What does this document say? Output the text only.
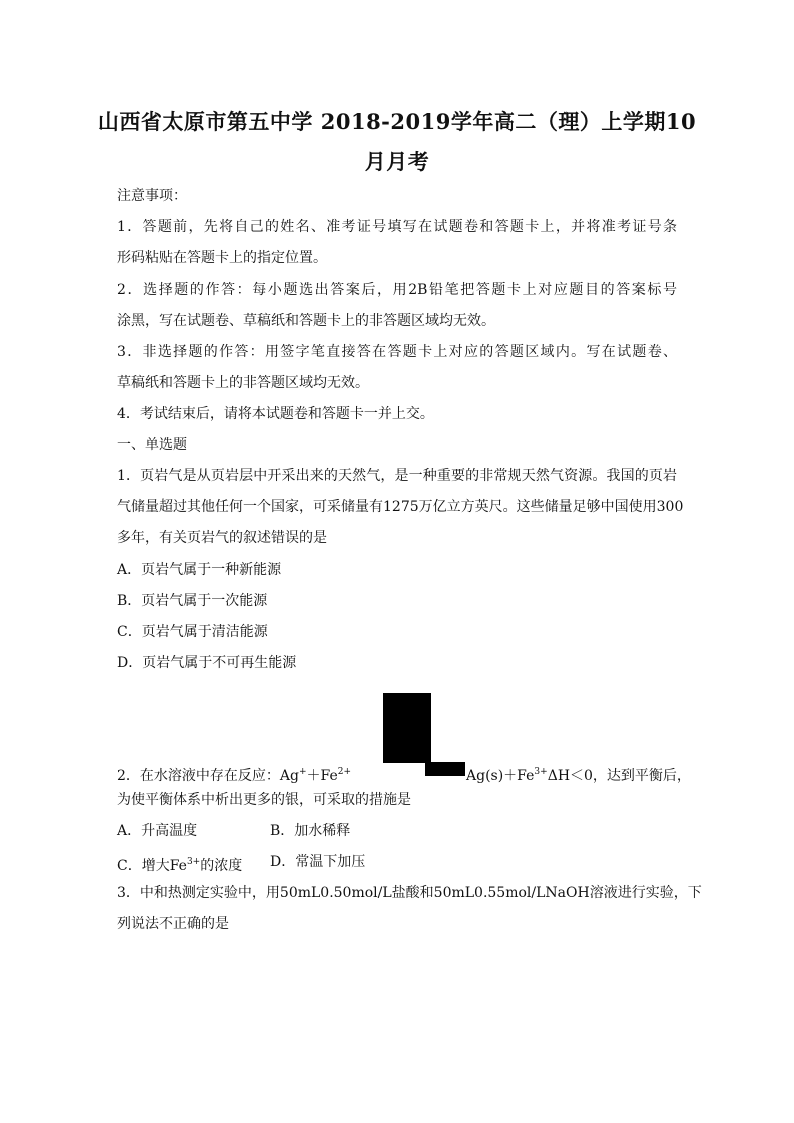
山西省太原市第五中学 2018-2019学年高二（理）上学期10
月月考
注意事项：
1．答题前，先将自己的姓名、准考证号填写在试题卷和答题卡上，并将准考证号条
形码粘贴在答题卡上的指定位置。
2．选择题的作答：每小题选出答案后，用2B铅笔把答题卡上对应题目的答案标号
涂黑，写在试题卷、草稿纸和答题卡上的非答题区域均无效。
3．非选择题的作答：用签字笔直接答在答题卡上对应的答题区域内。写在试题卷、
草稿纸和答题卡上的非答题区域均无效。
4．考试结束后，请将本试题卷和答题卡一并上交。
一、单选题
1．页岩气是从页岩层中开采出来的天然气，是一种重要的非常规天然气资源。我国的页岩
气储量超过其他任何一个国家，可采储量有1275万亿立方英尺。这些储量足够中国使用300
多年，有关页岩气的叙述错误的是
A．页岩气属于一种新能源
B．页岩气属于一次能源
C．页岩气属于清洁能源
D．页岩气属于不可再生能源
2．在水溶液中存在反应：$Ag^++Fe^{2+}$	$Ag(s)+Fe^{3+}\Delta H<0$，达到平衡后，
为使平衡体系中析出更多的银，可采取的措施是
A．升高温度	B．加水稀释
C．增大$Fe^{3+}$的浓度 D．常温下加压
3．中和热测定实验中，用50mL0.50mol/L盐酸和50mL0.55mol/LNaOH溶液进行实验，下
列说法不正确的是
